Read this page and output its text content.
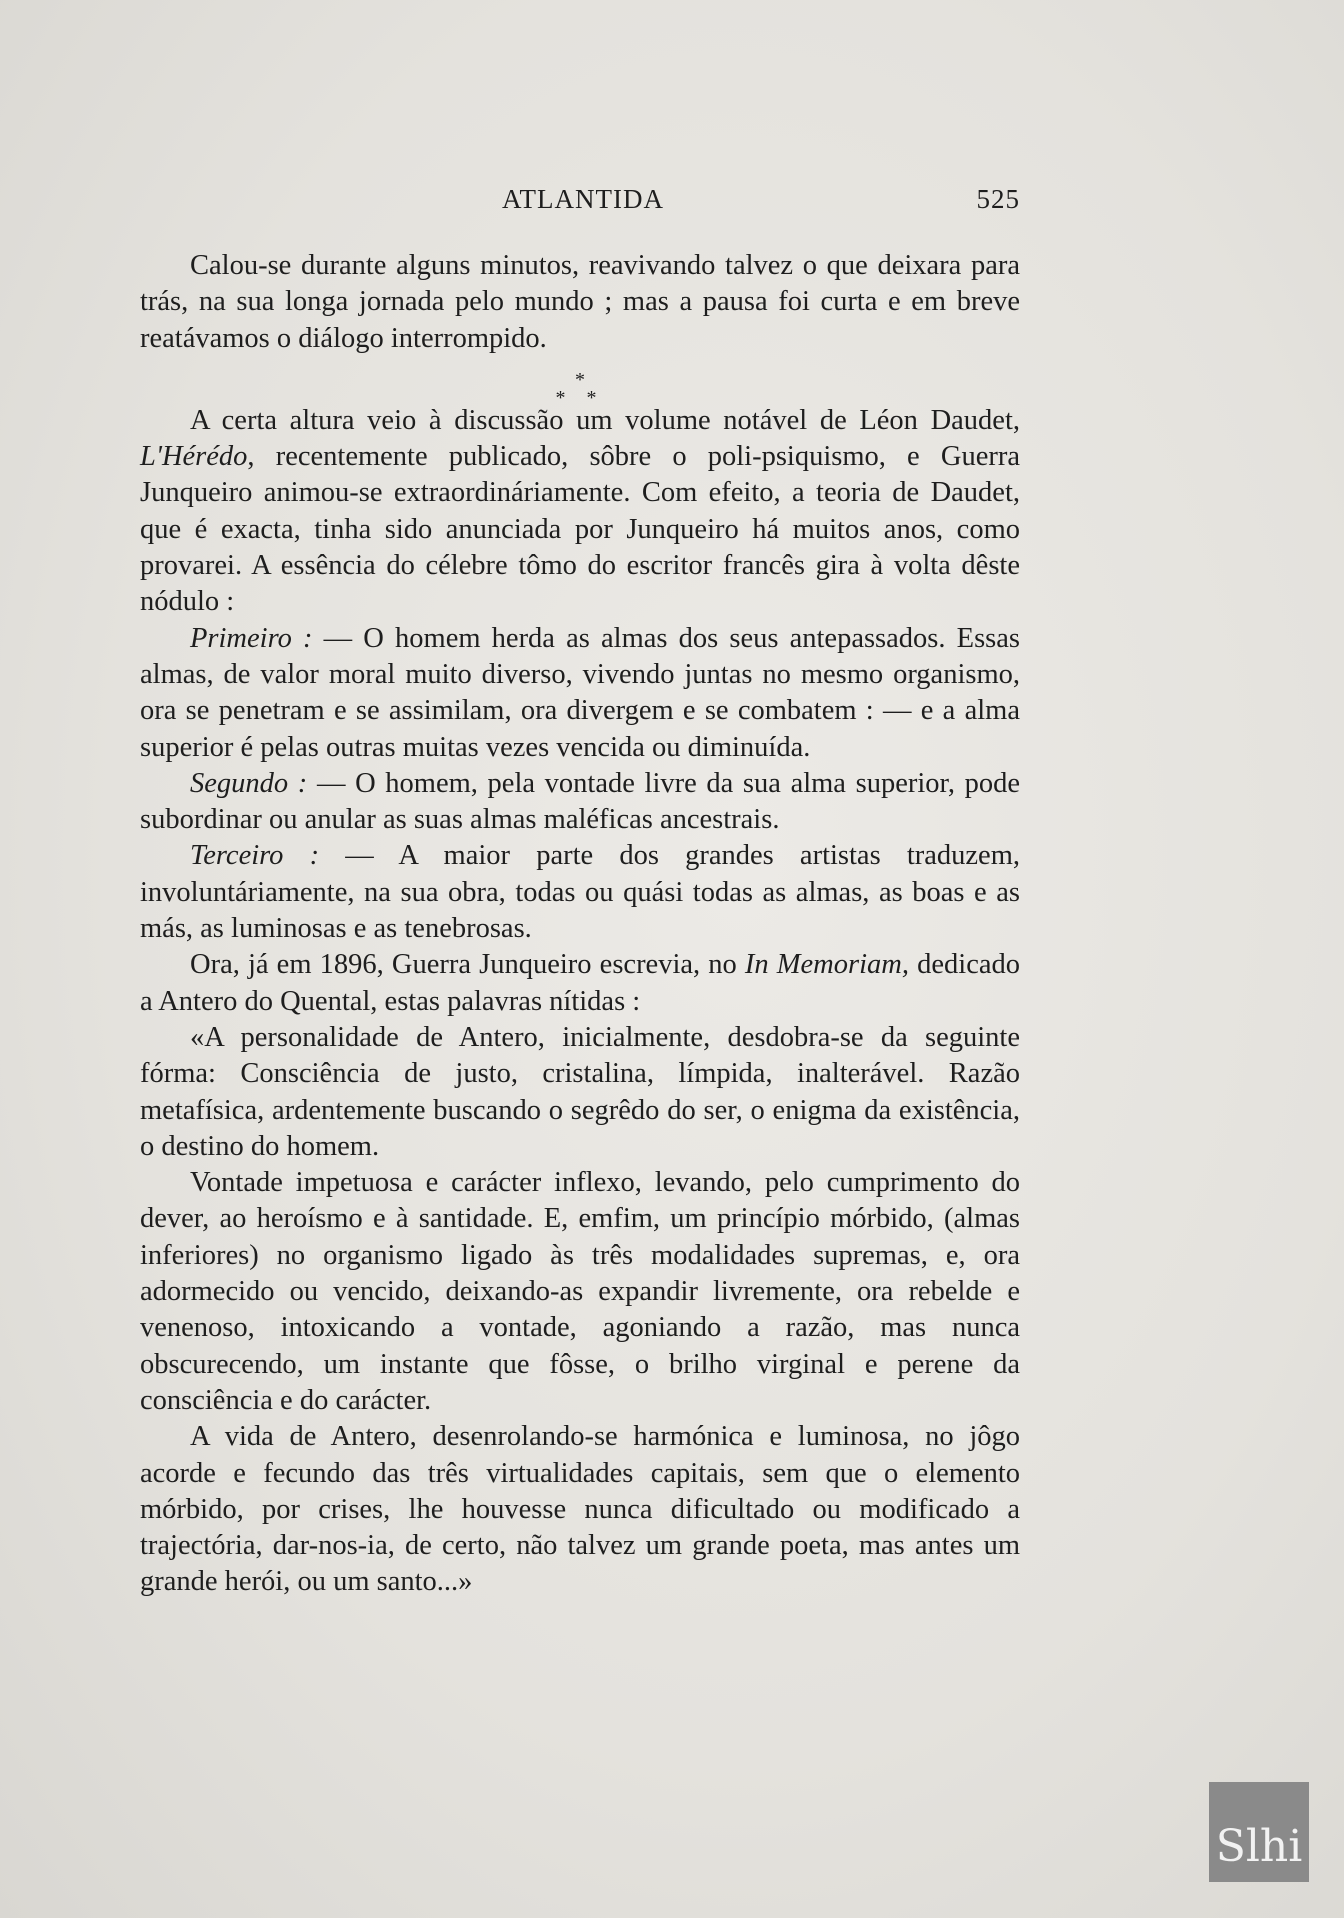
ATLANTIDA	525

Calou-se durante alguns minutos, reavivando talvez o que deixara para trás, na sua longa jornada pelo mundo ; mas a pausa foi curta e em breve reatávamos o diálogo interrompido.

*
* *

A certa altura veio à discussão um volume notável de Léon Daudet, L'Hérédo, recentemente publicado, sôbre o poli-psiquismo, e Guerra Junqueiro animou-se extraordináriamente. Com efeito, a teoria de Daudet, que é exacta, tinha sido anunciada por Junqueiro há muitos anos, como provarei. A essência do célebre tômo do escritor francês gira à volta dêste nódulo :

Primeiro : — O homem herda as almas dos seus antepassados. Essas almas, de valor moral muito diverso, vivendo juntas no mesmo organismo, ora se penetram e se assimilam, ora divergem e se combatem : — e a alma superior é pelas outras muitas vezes vencida ou diminuída.

Segundo : — O homem, pela vontade livre da sua alma superior, pode subordinar ou anular as suas almas maléficas ancestrais.

Terceiro : — A maior parte dos grandes artistas traduzem, involuntáriamente, na sua obra, todas ou quási todas as almas, as boas e as más, as luminosas e as tenebrosas.

Ora, já em 1896, Guerra Junqueiro escrevia, no In Memoriam, dedicado a Antero do Quental, estas palavras nítidas :

«A personalidade de Antero, inicialmente, desdobra-se da seguinte fórma: Consciência de justo, cristalina, límpida, inalterável. Razão metafísica, ardentemente buscando o segrêdo do ser, o enigma da existência, o destino do homem.

Vontade impetuosa e carácter inflexo, levando, pelo cumprimento do dever, ao heroísmo e à santidade. E, emfim, um princípio mórbido, (almas inferiores) no organismo ligado às três modalidades supremas, e, ora adormecido ou vencido, deixando-as expandir livremente, ora rebelde e venenoso, intoxicando a vontade, agoniando a razão, mas nunca obscurecendo, um instante que fôsse, o brilho virginal e perene da consciência e do carácter.

A vida de Antero, desenrolando-se harmónica e luminosa, no jôgo acorde e fecundo das três virtualidades capitais, sem que o elemento mórbido, por crises, lhe houvesse nunca dificultado ou modificado a trajectória, dar-nos-ia, de certo, não talvez um grande poeta, mas antes um grande herói, ou um santo...»

Slhi
